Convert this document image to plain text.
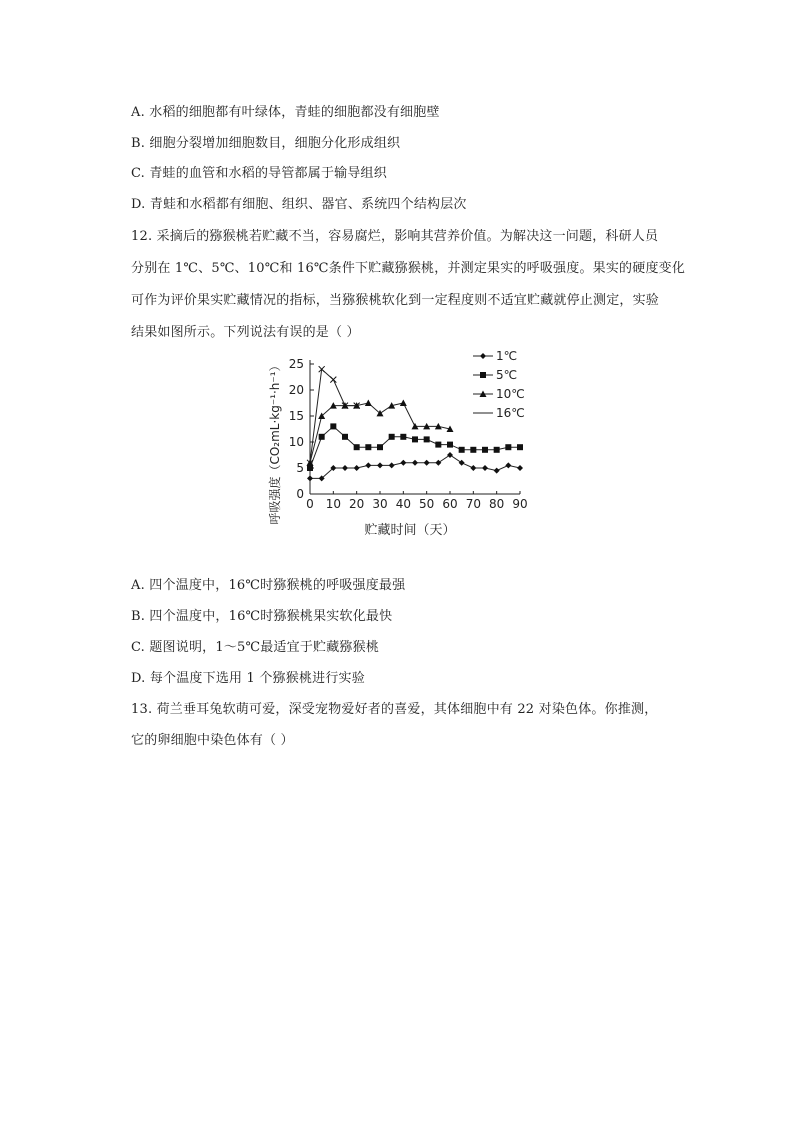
A. 水稻的细胞都有叶绿体，青蛙的细胞都没有细胞壁
B. 细胞分裂增加细胞数目，细胞分化形成组织
C. 青蛙的血管和水稻的导管都属于输导组织
D. 青蛙和水稻都有细胞、组织、器官、系统四个结构层次
12. 采摘后的猕猴桃若贮藏不当，容易腐烂，影响其营养价值。为解决这一问题，科研人员
分别在 1℃、5℃、10℃和 16℃条件下贮藏猕猴桃，并测定果实的呼吸强度。果实的硬度变化
可作为评价果实贮藏情况的指标，当猕猴桃软化到一定程度则不适宜贮藏就停止测定，实验
结果如图所示。下列说法有误的是（ ）
0
5
10
15
20
25
0 10 20 30 40 50 60 70 80 90
1℃
5℃
10℃
16℃
贮藏时间（天）
呼吸强度（CO₂mL·kg⁻¹·h⁻¹）
A. 四个温度中，16℃时猕猴桃的呼吸强度最强
B. 四个温度中，16℃时猕猴桃果实软化最快
C. 题图说明，1～5℃最适宜于贮藏猕猴桃
D. 每个温度下选用 1 个猕猴桃进行实验
13. 荷兰垂耳兔软萌可爱，深受宠物爱好者的喜爱，其体细胞中有 22 对染色体。你推测，
它的卵细胞中染色体有（ ）
